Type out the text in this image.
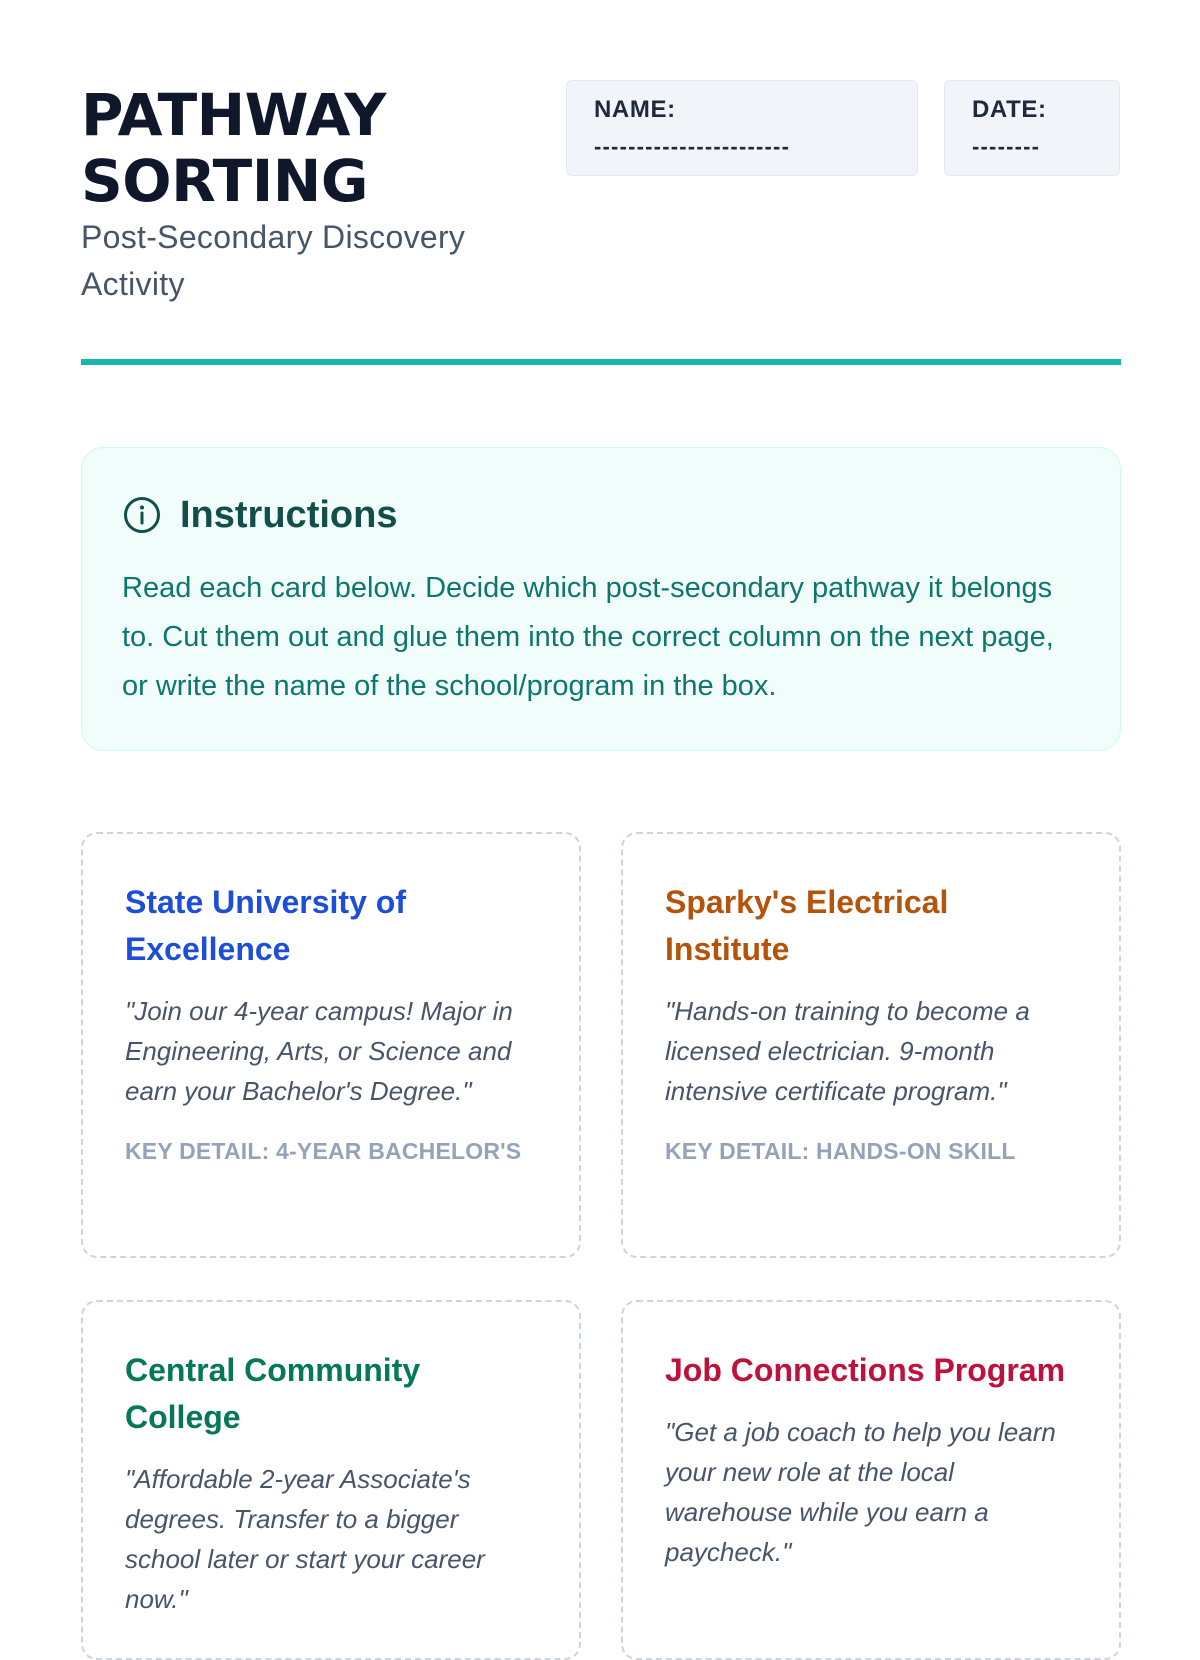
PATHWAY
SORTING
Post-Secondary Discovery Activity
NAME:
-----------------------
DATE:
--------
Instructions

Read each card below. Decide which post-secondary pathway it belongs to. Cut them out and glue them into the correct column on the next page, or write the name of the school/program in the box.

State University of Excellence

"Join our 4-year campus! Major in Engineering, Arts, or Science and earn your Bachelor's Degree."

KEY DETAIL: 4-YEAR BACHELOR'S
Sparky's Electrical Institute

"Hands-on training to become a licensed electrician. 9-month intensive certificate program."

KEY DETAIL: HANDS-ON SKILL
Central Community College

"Affordable 2-year Associate's degrees. Transfer to a bigger school later or start your career now."

Job Connections Program

"Get a job coach to help you learn your new role at the local warehouse while you earn a paycheck."
